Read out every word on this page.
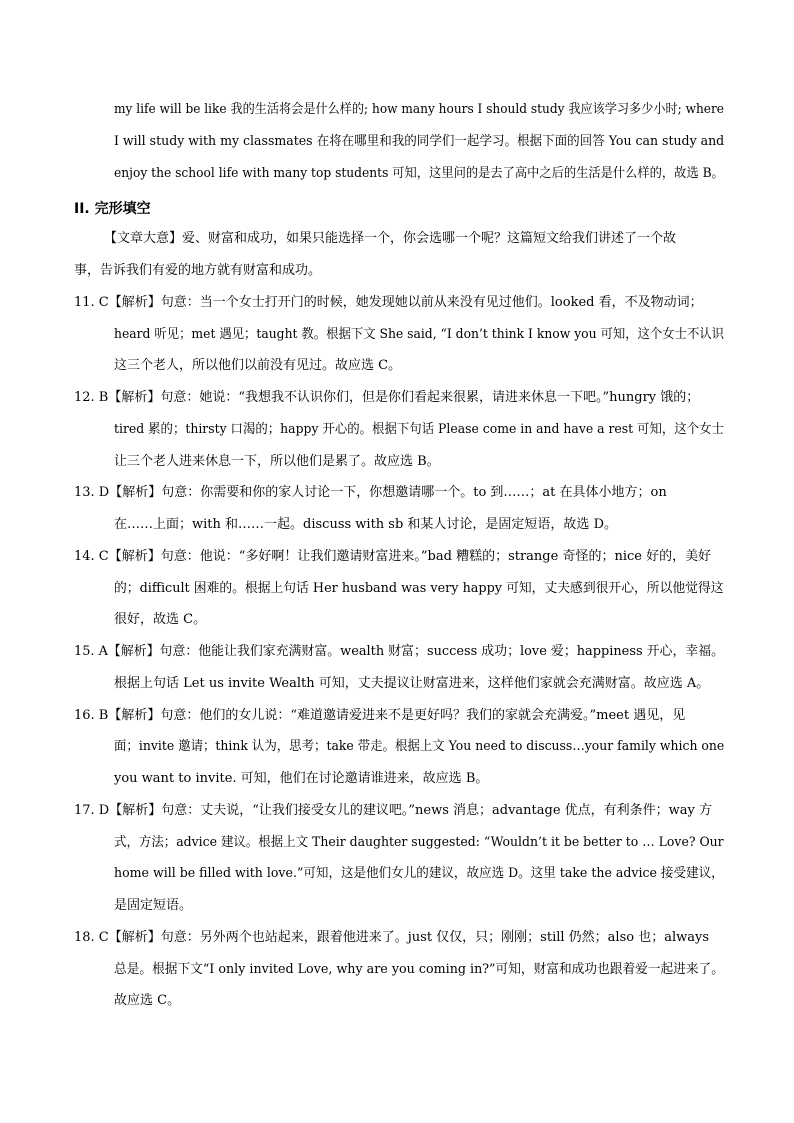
my life will be like 我的生活将会是什么样的; how many hours I should study 我应该学习多少小时; where
I will study with my classmates 在将在哪里和我的同学们一起学习。根据下面的回答 You can study and
enjoy the school life with many top students 可知，这里问的是去了高中之后的生活是什么样的，故选 B。
II. 完形填空
【文章大意】爱、财富和成功，如果只能选择一个，你会选哪一个呢？这篇短文给我们讲述了一个故
事，告诉我们有爱的地方就有财富和成功。
11. C【解析】句意：当一个女士打开门的时候，她发现她以前从来没有见过他们。looked 看，不及物动词；
heard 听见；met 遇见；taught 教。根据下文 She said, “I don’t think I know you 可知，这个女士不认识
这三个老人，所以他们以前没有见过。故应选 C。
12. B【解析】句意：她说：“我想我不认识你们，但是你们看起来很累，请进来休息一下吧。”hungry 饿的；
tired 累的；thirsty 口渴的；happy 开心的。根据下句话 Please come in and have a rest 可知，这个女士
让三个老人进来休息一下，所以他们是累了。故应选 B。
13. D【解析】句意：你需要和你的家人讨论一下，你想邀请哪一个。to 到……；at 在具体小地方；on
在……上面；with 和……一起。discuss with sb 和某人讨论，是固定短语，故选 D。
14. C【解析】句意：他说：“多好啊！让我们邀请财富进来。”bad 糟糕的；strange 奇怪的；nice 好的，美好
的；difficult 困难的。根据上句话 Her husband was very happy 可知，丈夫感到很开心，所以他觉得这
很好，故选 C。
15. A【解析】句意：他能让我们家充满财富。wealth 财富；success 成功；love 爱；happiness 开心，幸福。
根据上句话 Let us invite Wealth 可知，丈夫提议让财富进来，这样他们家就会充满财富。故应选 A。
16. B【解析】句意：他们的女儿说：“难道邀请爱进来不是更好吗？我们的家就会充满爱。”meet 遇见，见
面；invite 邀请；think 认为，思考；take 带走。根据上文 You need to discuss…your family which one
you want to invite. 可知，他们在讨论邀请谁进来，故应选 B。
17. D【解析】句意：丈夫说，“让我们接受女儿的建议吧。”news 消息；advantage 优点，有利条件；way 方
式，方法；advice 建议。根据上文 Their daughter suggested: “Wouldn’t it be better to … Love? Our
home will be filled with love.”可知，这是他们女儿的建议，故应选 D。这里 take the advice 接受建议，
是固定短语。
18. C【解析】句意：另外两个也站起来，跟着他进来了。just 仅仅，只；刚刚；still 仍然；also 也；always
总是。根据下文“I only invited Love, why are you coming in?”可知，财富和成功也跟着爱一起进来了。
故应选 C。
